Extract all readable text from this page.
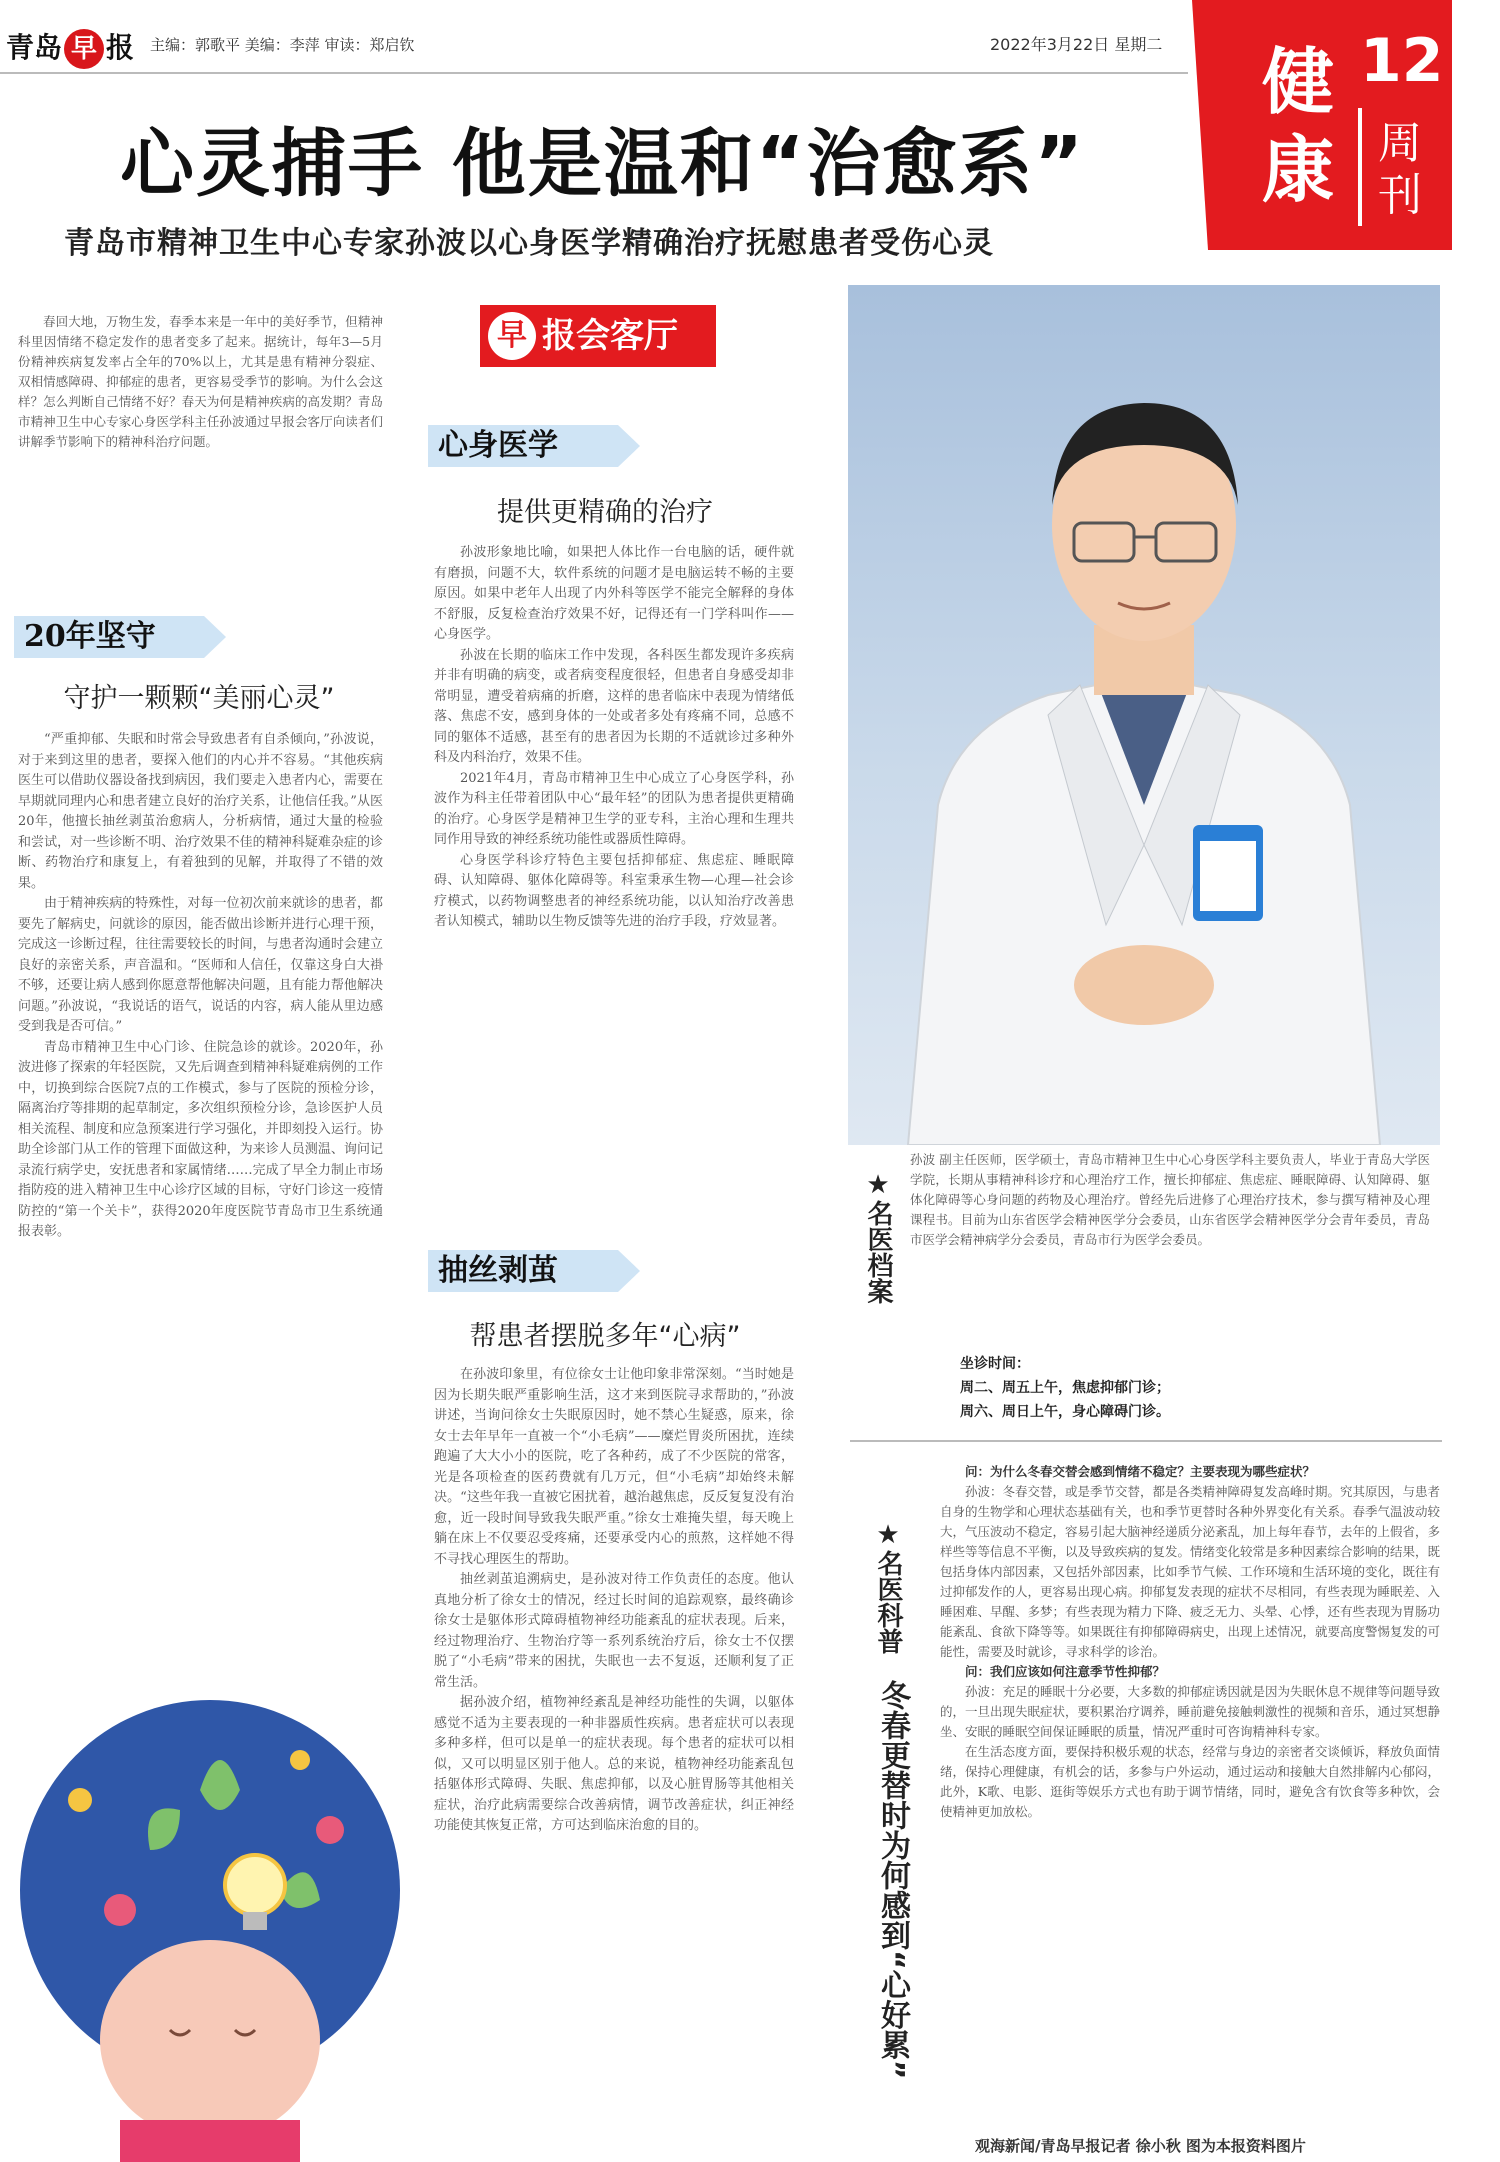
青岛 早 报 主编：郭歌平 美编：李萍 审读：郑启钦	2022年3月22日 星期二 健
康
12
周刊
心灵捕手 他是温和“治愈系”
青岛市精神卫生中心专家孙波以心身医学精确治疗抚慰患者受伤心灵
春回大地，万物生发，春季本来是一年中的美好季节，但精神科里因情绪不稳定发作的患者变多了起来。据统计，每年3—5月份精神疾病复发率占全年的70%以上，尤其是患有精神分裂症、双相情感障碍、抑郁症的患者，更容易受季节的影响。为什么会这样？怎么判断自己情绪不好？春天为何是精神疾病的高发期？青岛市精神卫生中心专家心身医学科主任孙波通过早报会客厅向读者们讲解季节影响下的精神科治疗问题。
20年坚守
守护一颗颗“美丽心灵”

“严重抑郁、失眠和时常会导致患者有自杀倾向，”孙波说，对于来到这里的患者，要探入他们的内心并不容易。“其他疾病医生可以借助仪器设备找到病因，我们要走入患者内心，需要在早期就同理内心和患者建立良好的治疗关系，让他信任我。”从医20年，他擅长抽丝剥茧治愈病人，分析病情，通过大量的检验和尝试，对一些诊断不明、治疗效果不佳的精神科疑难杂症的诊断、药物治疗和康复上，有着独到的见解，并取得了不错的效果。

由于精神疾病的特殊性，对每一位初次前来就诊的患者，都要先了解病史，问就诊的原因，能否做出诊断并进行心理干预，完成这一诊断过程，往往需要较长的时间，与患者沟通时会建立良好的亲密关系，声音温和。“医师和人信任，仅靠这身白大褂不够，还要让病人感到你愿意帮他解决问题，且有能力帮他解决问题。”孙波说，“我说话的语气，说话的内容，病人能从里边感受到我是否可信。”

青岛市精神卫生中心门诊、住院急诊的就诊。2020年，孙波进修了探索的年轻医院，又先后调查到精神科疑难病例的工作中，切换到综合医院7点的工作模式，参与了医院的预检分诊，隔离治疗等排期的起草制定，多次组织预检分诊，急诊医护人员相关流程、制度和应急预案进行学习强化，并即刻投入运行。协助全诊部门从工作的管理下面做这种，为来诊人员测温、询问记录流行病学史，安抚患者和家属情绪……完成了早全力制止市场指防疫的进入精神卫生中心诊疗区域的目标，守好门诊这一疫情防控的“第一个关卡”，获得2020年度医院节青岛市卫生系统通报表彰。

早 报会客厅
心身医学
提供更精确的治疗

孙波形象地比喻，如果把人体比作一台电脑的话，硬件就有磨损，问题不大，软件系统的问题才是电脑运转不畅的主要原因。如果中老年人出现了内外科等医学不能完全解释的身体不舒服，反复检查治疗效果不好，记得还有一门学科叫作——心身医学。

孙波在长期的临床工作中发现，各科医生都发现许多疾病并非有明确的病变，或者病变程度很轻，但患者自身感受却非常明显，遭受着病痛的折磨，这样的患者临床中表现为情绪低落、焦虑不安，感到身体的一处或者多处有疼痛不同，总感不同的躯体不适感，甚至有的患者因为长期的不适就诊过多种外科及内科治疗，效果不佳。

2021年4月，青岛市精神卫生中心成立了心身医学科，孙波作为科主任带着团队中心“最年轻”的团队为患者提供更精确的治疗。心身医学是精神卫生学的亚专科，主治心理和生理共同作用导致的神经系统功能性或器质性障碍。

心身医学科诊疗特色主要包括抑郁症、焦虑症、睡眠障碍、认知障碍、躯体化障碍等。科室秉承生物—心理—社会诊疗模式，以药物调整患者的神经系统功能，以认知治疗改善患者认知模式，辅助以生物反馈等先进的治疗手段，疗效显著。

抽丝剥茧
帮患者摆脱多年“心病”

在孙波印象里，有位徐女士让他印象非常深刻。“当时她是因为长期失眠严重影响生活，这才来到医院寻求帮助的，”孙波讲述，当询问徐女士失眠原因时，她不禁心生疑惑，原来，徐女士去年早年一直被一个“小毛病”——糜烂胃炎所困扰，连续跑遍了大大小小的医院，吃了各种药，成了不少医院的常客，光是各项检查的医药费就有几万元，但“小毛病”却始终未解决。“这些年我一直被它困扰着，越治越焦虑，反反复复没有治愈，近一段时间导致我失眠严重。”徐女士难掩失望，每天晚上躺在床上不仅要忍受疼痛，还要承受内心的煎熬，这样她不得不寻找心理医生的帮助。

抽丝剥茧追溯病史，是孙波对待工作负责任的态度。他认真地分析了徐女士的情况，经过长时间的追踪观察，最终确诊徐女士是躯体形式障碍植物神经功能紊乱的症状表现。后来，经过物理治疗、生物治疗等一系列系统治疗后，徐女士不仅摆脱了“小毛病”带来的困扰，失眠也一去不复返，还顺利复了正常生活。

据孙波介绍，植物神经紊乱是神经功能性的失调，以躯体感觉不适为主要表现的一种非器质性疾病。患者症状可以表现多种多样，但可以是单一的症状表现。每个患者的症状可以相似，又可以明显区别于他人。总的来说，植物神经功能紊乱包括躯体形式障碍、失眠、焦虑抑郁，以及心脏胃肠等其他相关症状，治疗此病需要综合改善病情，调节改善症状，纠正神经功能使其恢复正常，方可达到临床治愈的目的。

★名医档案
孙波 副主任医师，医学硕士，青岛市精神卫生中心心身医学科主要负责人，毕业于青岛大学医学院，长期从事精神科诊疗和心理治疗工作，擅长抑郁症、焦虑症、睡眠障碍、认知障碍、躯体化障碍等心身问题的药物及心理治疗。曾经先后进修了心理治疗技术，参与撰写精神及心理课程书。目前为山东省医学会精神医学分会委员，山东省医学会精神医学分会青年委员，青岛市医学会精神病学分会委员，青岛市行为医学会委员。
坐诊时间：
周二、周五上午，焦虑抑郁门诊；
周六、周日上午，身心障碍门诊。
★名医科普
冬春更替时为何感到“心好累”

问：为什么冬春交替会感到情绪不稳定？主要表现为哪些症状？

孙波：冬春交替，或是季节交替，都是各类精神障碍复发高峰时期。究其原因，与患者自身的生物学和心理状态基础有关，也和季节更替时各种外界变化有关系。春季气温波动较大，气压波动不稳定，容易引起大脑神经递质分泌紊乱，加上每年春节，去年的上假省，多样些等等信息不平衡，以及导致疾病的复发。情绪变化较常是多种因素综合影响的结果，既包括身体内部因素，又包括外部因素，比如季节气候、工作环境和生活环境的变化，既往有过抑郁发作的人，更容易出现心病。抑郁复发表现的症状不尽相同，有些表现为睡眠差、入睡困难、早醒、多梦；有些表现为精力下降、疲乏无力、头晕、心悸，还有些表现为胃肠功能紊乱、食欲下降等等。如果既往有抑郁障碍病史，出现上述情况，就要高度警惕复发的可能性，需要及时就诊，寻求科学的诊治。

问：我们应该如何注意季节性抑郁？

孙波：充足的睡眠十分必要，大多数的抑郁症诱因就是因为失眠休息不规律等问题导致的，一旦出现失眠症状，要积累治疗调养，睡前避免接触刺激性的视频和音乐，通过冥想静坐、安眠的睡眠空间保证睡眠的质量，情况严重时可咨询精神科专家。

在生活态度方面，要保持积极乐观的状态，经常与身边的亲密者交谈倾诉，释放负面情绪，保持心理健康，有机会的话，多参与户外运动，通过运动和接触大自然排解内心郁闷，此外，K歌、电影、逛街等娱乐方式也有助于调节情绪，同时，避免含有饮食等多种饮，会使精神更加放松。

观海新闻/青岛早报记者 徐小秋 图为本报资料图片
